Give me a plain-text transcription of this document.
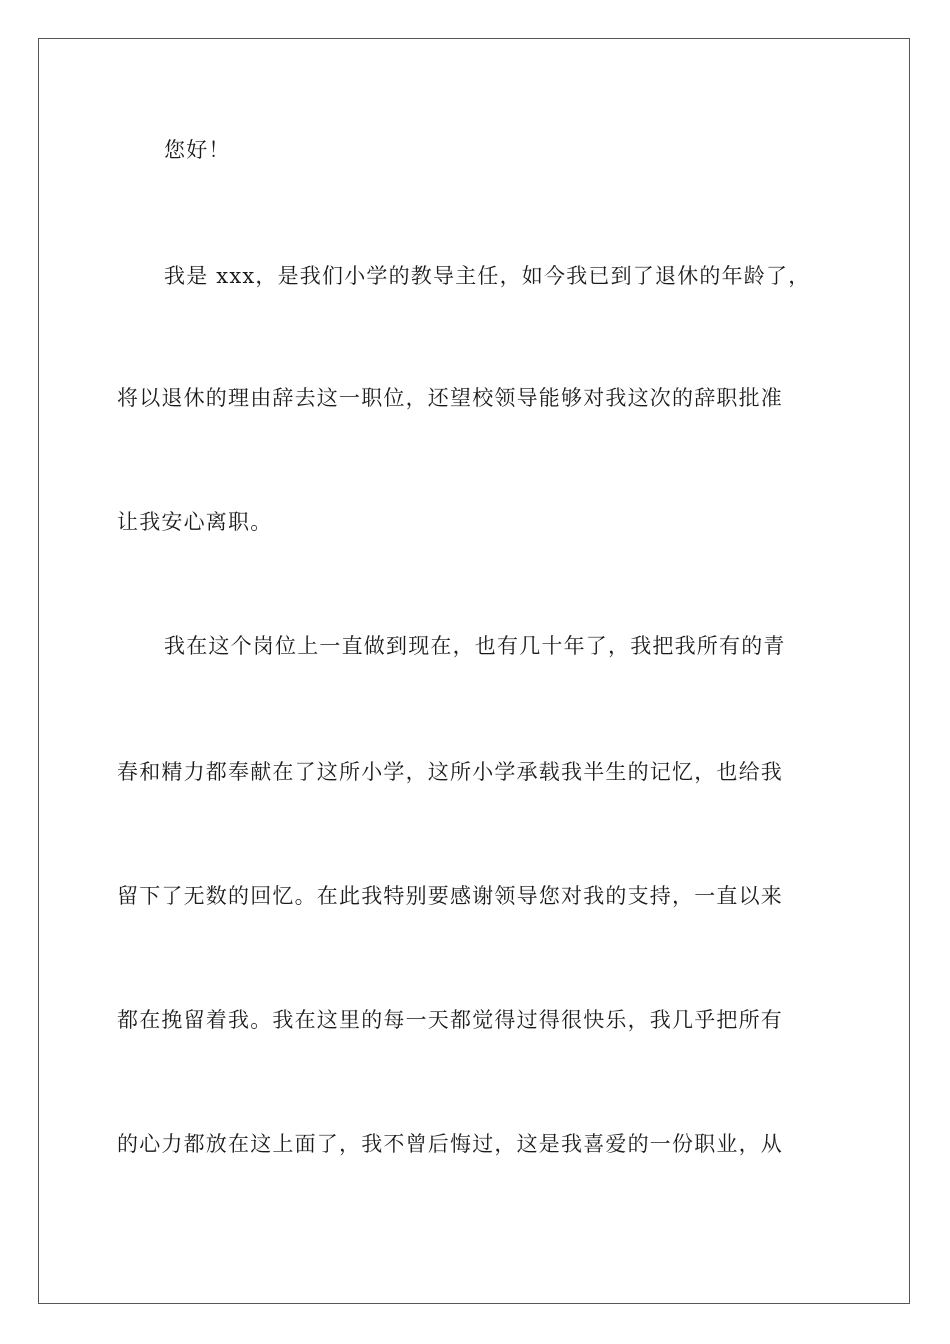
您好！
我是 xxx，是我们小学的教导主任，如今我已到了退休的年龄了，
将以退休的理由辞去这一职位，还望校领导能够对我这次的辞职批准
让我安心离职。
我在这个岗位上一直做到现在，也有几十年了，我把我所有的青
春和精力都奉献在了这所小学，这所小学承载我半生的记忆，也给我
留下了无数的回忆。在此我特别要感谢领导您对我的支持，一直以来
都在挽留着我。我在这里的每一天都觉得过得很快乐，我几乎把所有
的心力都放在这上面了，我不曾后悔过，这是我喜爱的一份职业，从
